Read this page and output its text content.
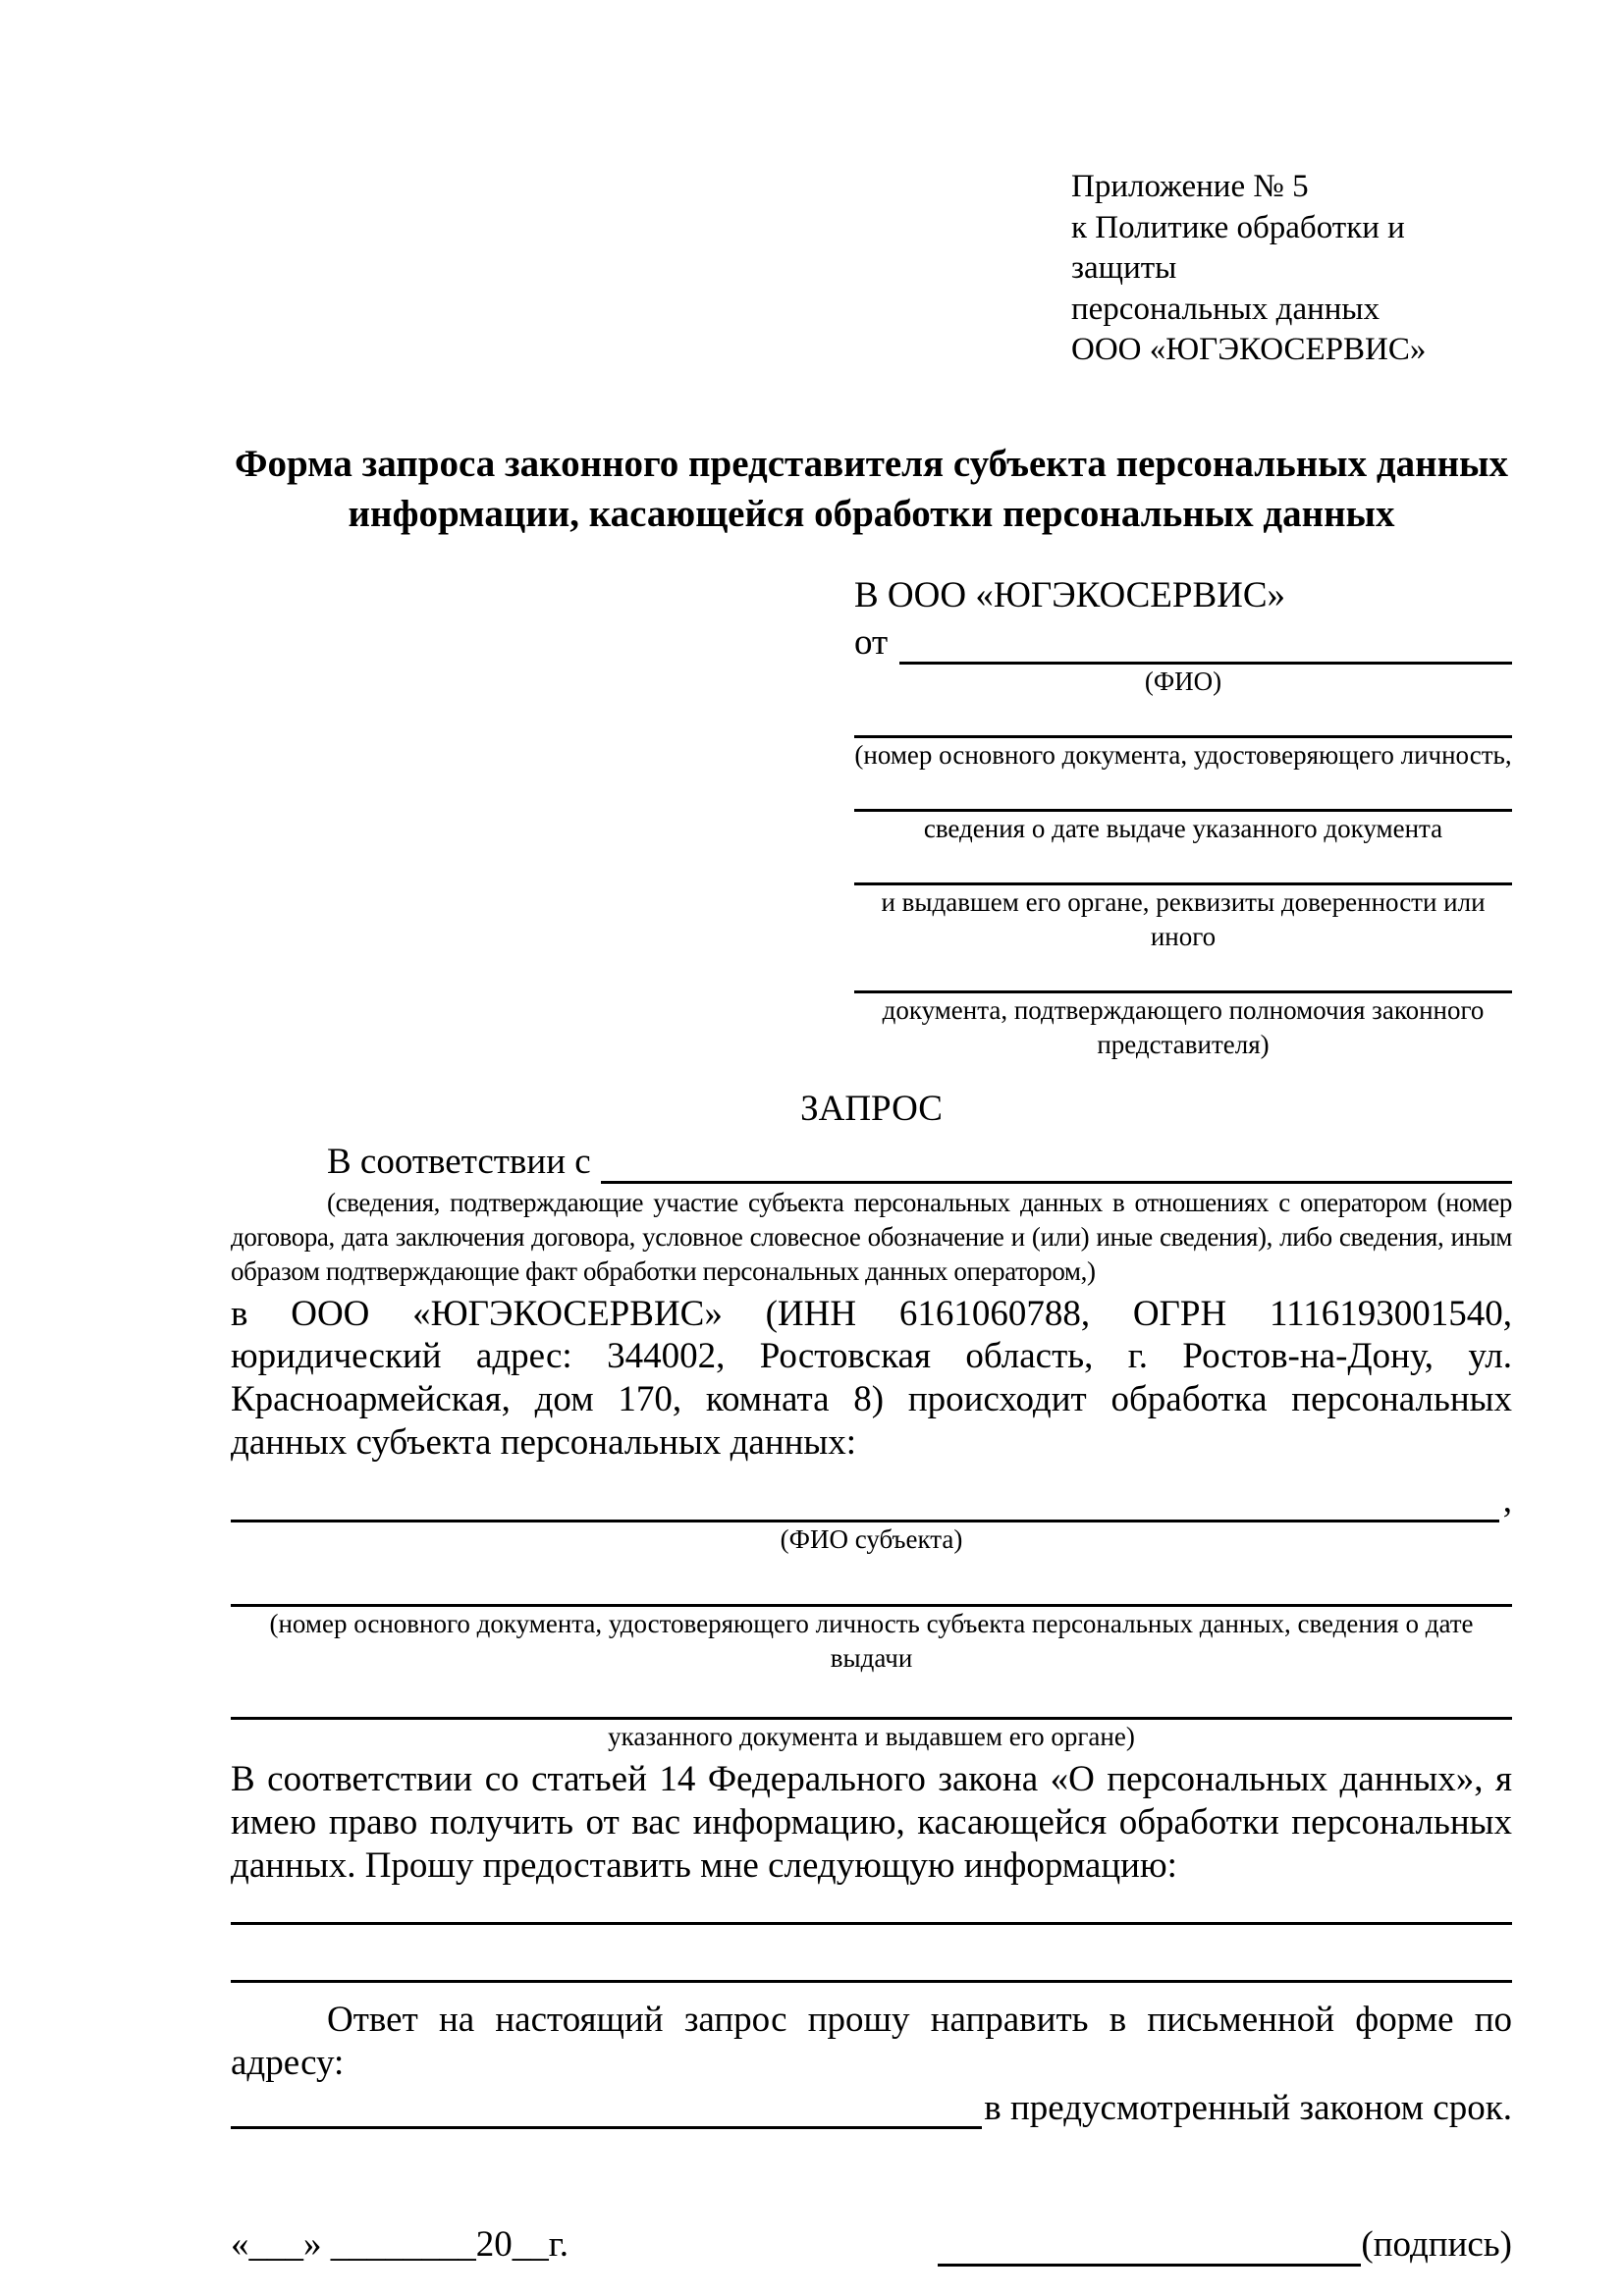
Приложение № 5
к Политике обработки и защиты
персональных данных
ООО «ЮГЭКОСЕРВИС»
Форма запроса законного представителя субъекта персональных данных информации, касающейся обработки персональных данных
В ООО «ЮГЭКОСЕРВИС»
от
(ФИО)
(номер основного документа, удостоверяющего личность,
сведения о дате выдаче указанного документа
и выдавшем его органе, реквизиты доверенности или иного
документа, подтверждающего полномочия законного представителя)
ЗАПРОС
В соответствии с
(сведения, подтверждающие участие субъекта персональных данных в отношениях с оператором (номер договора, дата заключения договора, условное словесное обозначение и (или) иные сведения), либо сведения, иным образом подтверждающие факт обработки персональных данных оператором,)
в ООО «ЮГЭКОСЕРВИС» (ИНН 6161060788, ОГРН 1116193001540, юридический адрес: 344002, Ростовская область, г. Ростов-на-Дону, ул. Красноармейская, дом 170, комната 8) происходит обработка персональных данных субъекта персональных данных:
,
(ФИО субъекта)
(номер основного документа, удостоверяющего личность субъекта персональных данных, сведения о дате выдачи
указанного документа и выдавшем его органе)
В соответствии со статьей 14 Федерального закона «О персональных данных», я имею право получить от вас информацию, касающейся обработки персональных данных. Прошу предоставить мне следующую информацию:
Ответ на настоящий запрос прошу направить в письменной форме по адресу:
в предусмотренный законом срок.
«___» ________20__г.	(подпись)
